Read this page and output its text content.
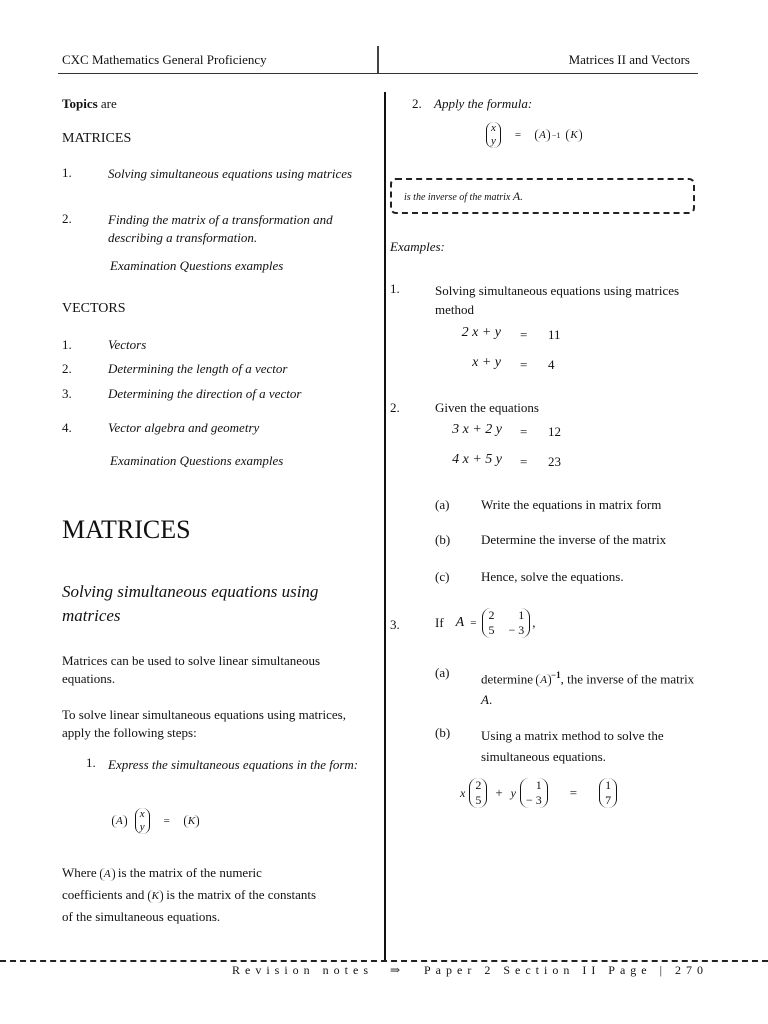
CXC Mathematics General Proficiency	Matrices II and Vectors
Topics are
MATRICES
1.	Solving simultaneous equations using matrices
2.	Finding the matrix of a transformation and describing a transformation.
Examination Questions examples
VECTORS
1.	Vectors
2.	Determining the length of a vector
3.	Determining the direction of a vector
4.	Vector algebra and geometry
Examination Questions examples
MATRICES
Solving simultaneous equations using matrices
Matrices can be used to solve linear simultaneous equations.
To solve linear simultaneous equations using matrices, apply the following steps:
1. Express the simultaneous equations in the form:
A
x
y =	K
Where A is the matrix of the numeric
coefficients and K is the matrix of the constants
of the simultaneous equations.
2. Apply the formula:
x
y =	A −1 K
is the inverse of the matrix A.
Examples:
1.	Solving simultaneous equations using matrices method
2 x + y = 11
x + y = 4
2.	Given the equations
3 x + 2 y = 12
4 x + 5 y = 23
(a) Write the equations in matrix form
(b) Determine the inverse of the matrix
(c) Hence, solve the equations.
3.	If A =
2	1
5 − 3 ,
(a) determine A $^{-1}$, the inverse of the matrix A.
(b) Using a matrix method to solve the simultaneous equations.
x
2
5 + y
1
− 3 = 1
7
Revision notes ⇒ Paper 2 Section II Page | 270
